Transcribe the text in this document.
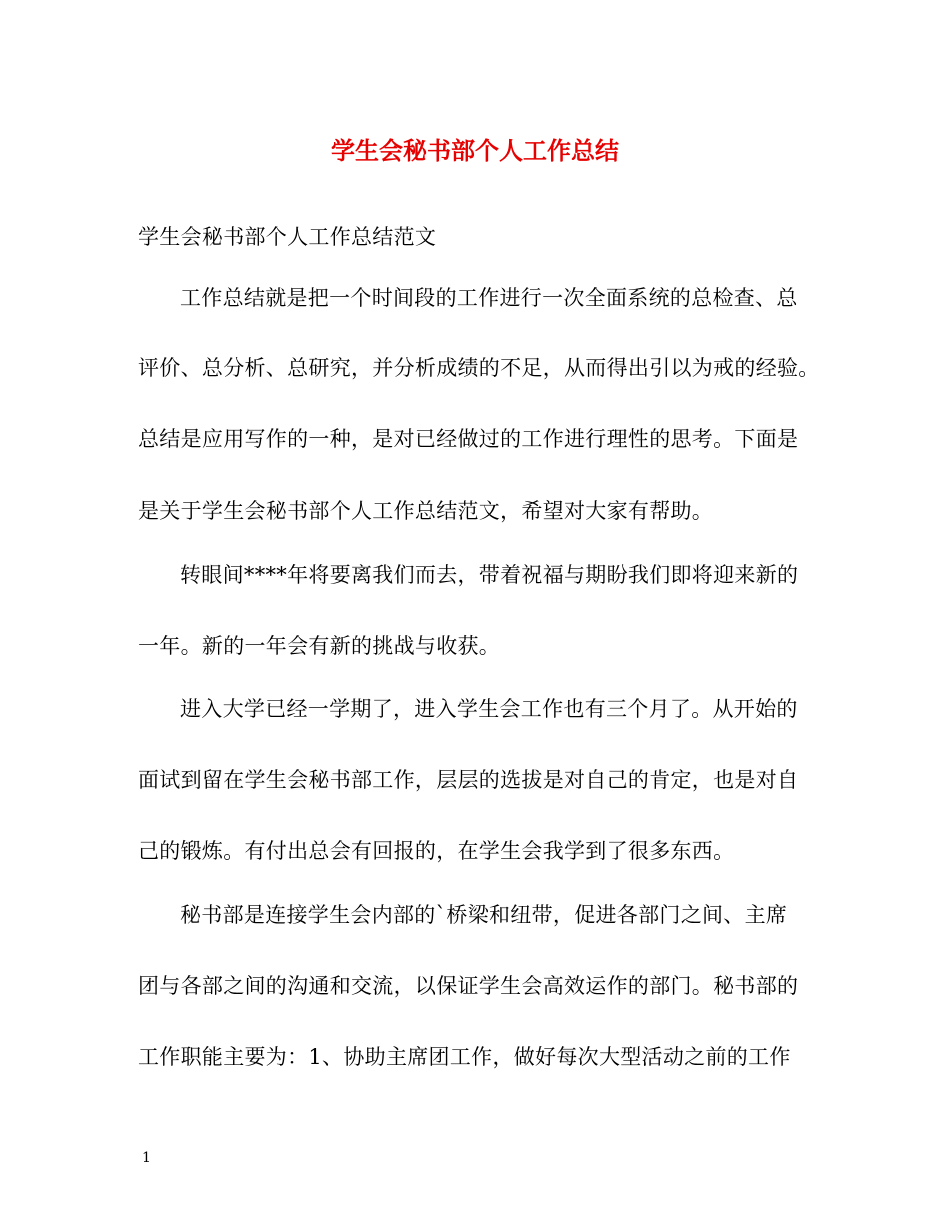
学生会秘书部个人工作总结
学生会秘书部个人工作总结范文
工作总结就是把一个时间段的工作进行一次全面系统的总检查、总
评价、总分析、总研究，并分析成绩的不足，从而得出引以为戒的经验。
总结是应用写作的一种，是对已经做过的工作进行理性的思考。下面是
是关于学生会秘书部个人工作总结范文，希望对大家有帮助。
转眼间****年将要离我们而去，带着祝福与期盼我们即将迎来新的
一年。新的一年会有新的挑战与收获。
进入大学已经一学期了，进入学生会工作也有三个月了。从开始的
面试到留在学生会秘书部工作，层层的选拔是对自己的肯定，也是对自
己的锻炼。有付出总会有回报的，在学生会我学到了很多东西。
秘书部是连接学生会内部的`桥梁和纽带，促进各部门之间、主席
团与各部之间的沟通和交流，以保证学生会高效运作的部门。秘书部的
工作职能主要为：1、协助主席团工作，做好每次大型活动之前的工作
1
